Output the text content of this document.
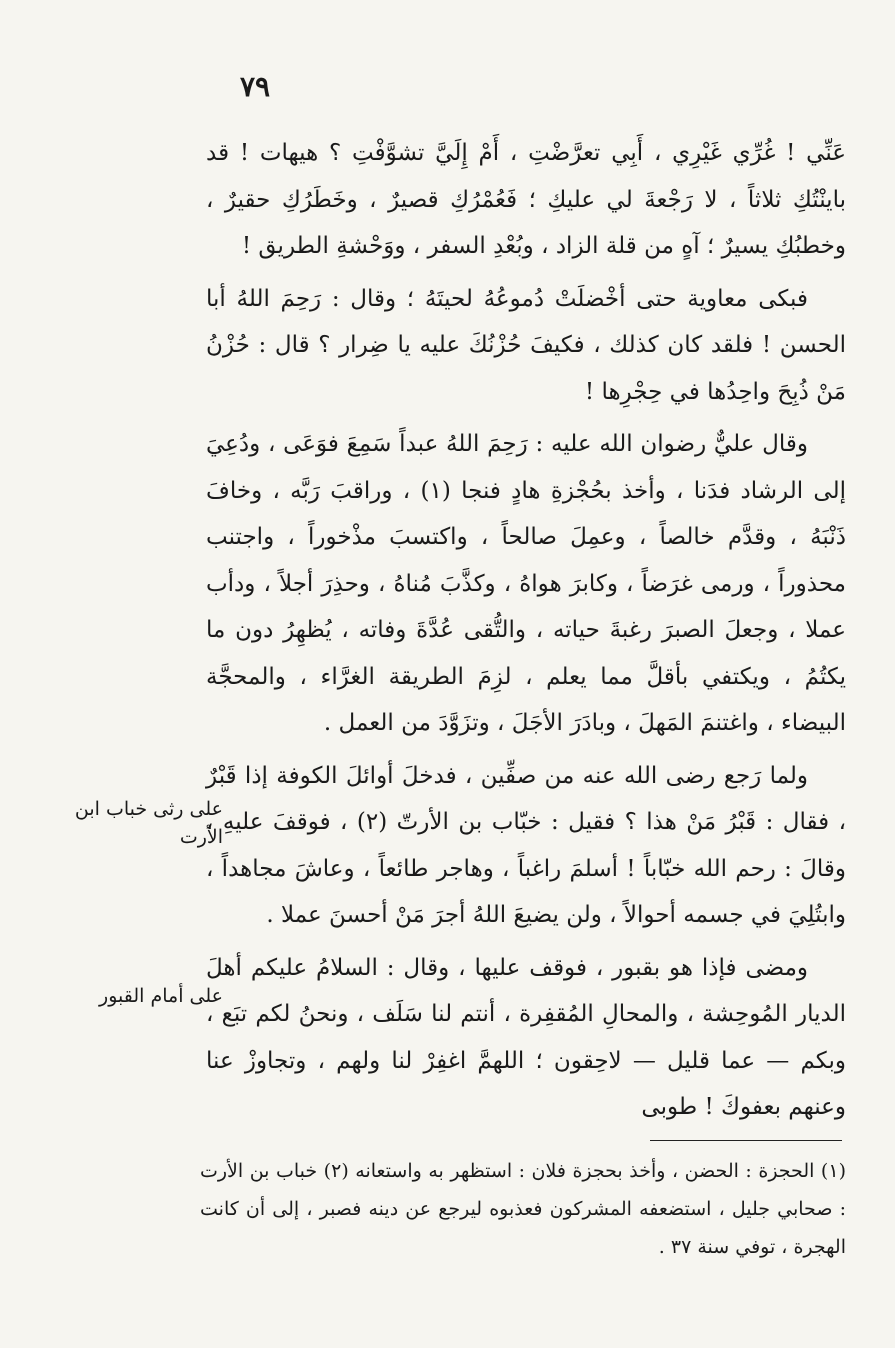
٧٩

عَنِّي ! غُرِّي غَيْرِي ، أَبِي تعرَّضْتِ ، أَمْ إِلَيَّ تشوَّفْتِ ؟ هيهات ! قد باينْتُكِ ثلاثاً ، لا رَجْعةَ لي عليكِ ؛ فَعُمْرُكِ قصيرٌ ، وخَطَرُكِ حقيرٌ ، وخطبُكِ يسيرٌ ؛ آهٍ من قلة الزاد ، وبُعْدِ السفر ، ووَحْشةِ الطريق !

فبكى معاوية حتى أخْضلَتْ دُموعُهُ لحيتَهُ ؛ وقال : رَحِمَ اللهُ أبا الحسن ! فلقد كان كذلك ، فكيفَ حُزْنُكَ عليه يا ضِرار ؟ قال : حُزْنُ مَنْ ذُبِحَ واحِدُها في حِجْرِها !

وقال عليٌّ رضوان الله عليه : رَحِمَ اللهُ عبداً سَمِعَ فوَعَى ، ودُعِيَ إلى الرشاد فدَنا ، وأخذ بحُجْزةِ هادٍ فنجا (١) ، وراقبَ رَبَّه ، وخافَ ذَنْبَهُ ، وقدَّم خالصاً ، وعمِلَ صالحاً ، واكتسبَ مذْخوراً ، واجتنب محذوراً ، ورمى غرَضاً ، وكابرَ هواهُ ، وكذَّبَ مُناهُ ، وحذِرَ أجلاً ، ودأب عملا ، وجعلَ الصبرَ رغبةَ حياته ، والتُّقى عُدَّةَ وفاته ، يُظهِرُ دون ما يكتُمُ ، ويكتفي بأقلَّ مما يعلم ، لزِمَ الطريقة الغرَّاء ، والمحجَّة البيضاء ، واغتنمَ المَهلَ ، وبادَرَ الأجَلَ ، وتزَوَّدَ من العمل .

ولما رَجع رضى الله عنه من صفِّين ، فدخلَ أوائلَ الكوفة إذا قَبْرٌ ، فقال : قَبْرُ مَنْ هذا ؟ فقيل : خبّاب بن الأرتّ (٢) ، فوقفَ عليهِ ، وقالَ : رحم الله خبّاباً ! أسلمَ راغباً ، وهاجر طائعاً ، وعاشَ مجاهداً ، وابتُلِيَ في جسمه أحوالاً ، ولن يضيعَ اللهُ أجرَ مَنْ أحسنَ عملا .

ومضى فإذا هو بقبور ، فوقف عليها ، وقال : السلامُ عليكم أهلَ الديار المُوحِشة ، والمحالِ المُقفِرة ، أنتم لنا سَلَف ، ونحنُ لكم تبَع ، وبكم — عما قليل — لاحِقون ؛ اللهمَّ اغفِرْ لنا ولهم ، وتجاوزْ عنا وعنهم بعفوكَ ! طوبى

على رثى خباب ابن الأرت
على أمام القبور
(١) الحجزة : الحضن ، وأخذ بحجزة فلان : استظهر به واستعانه (٢) خباب بن الأرت : صحابي جليل ، استضعفه المشركون فعذبوه ليرجع عن دينه فصبر ، إلى أن كانت الهجرة ، توفي سنة ٣٧ .
